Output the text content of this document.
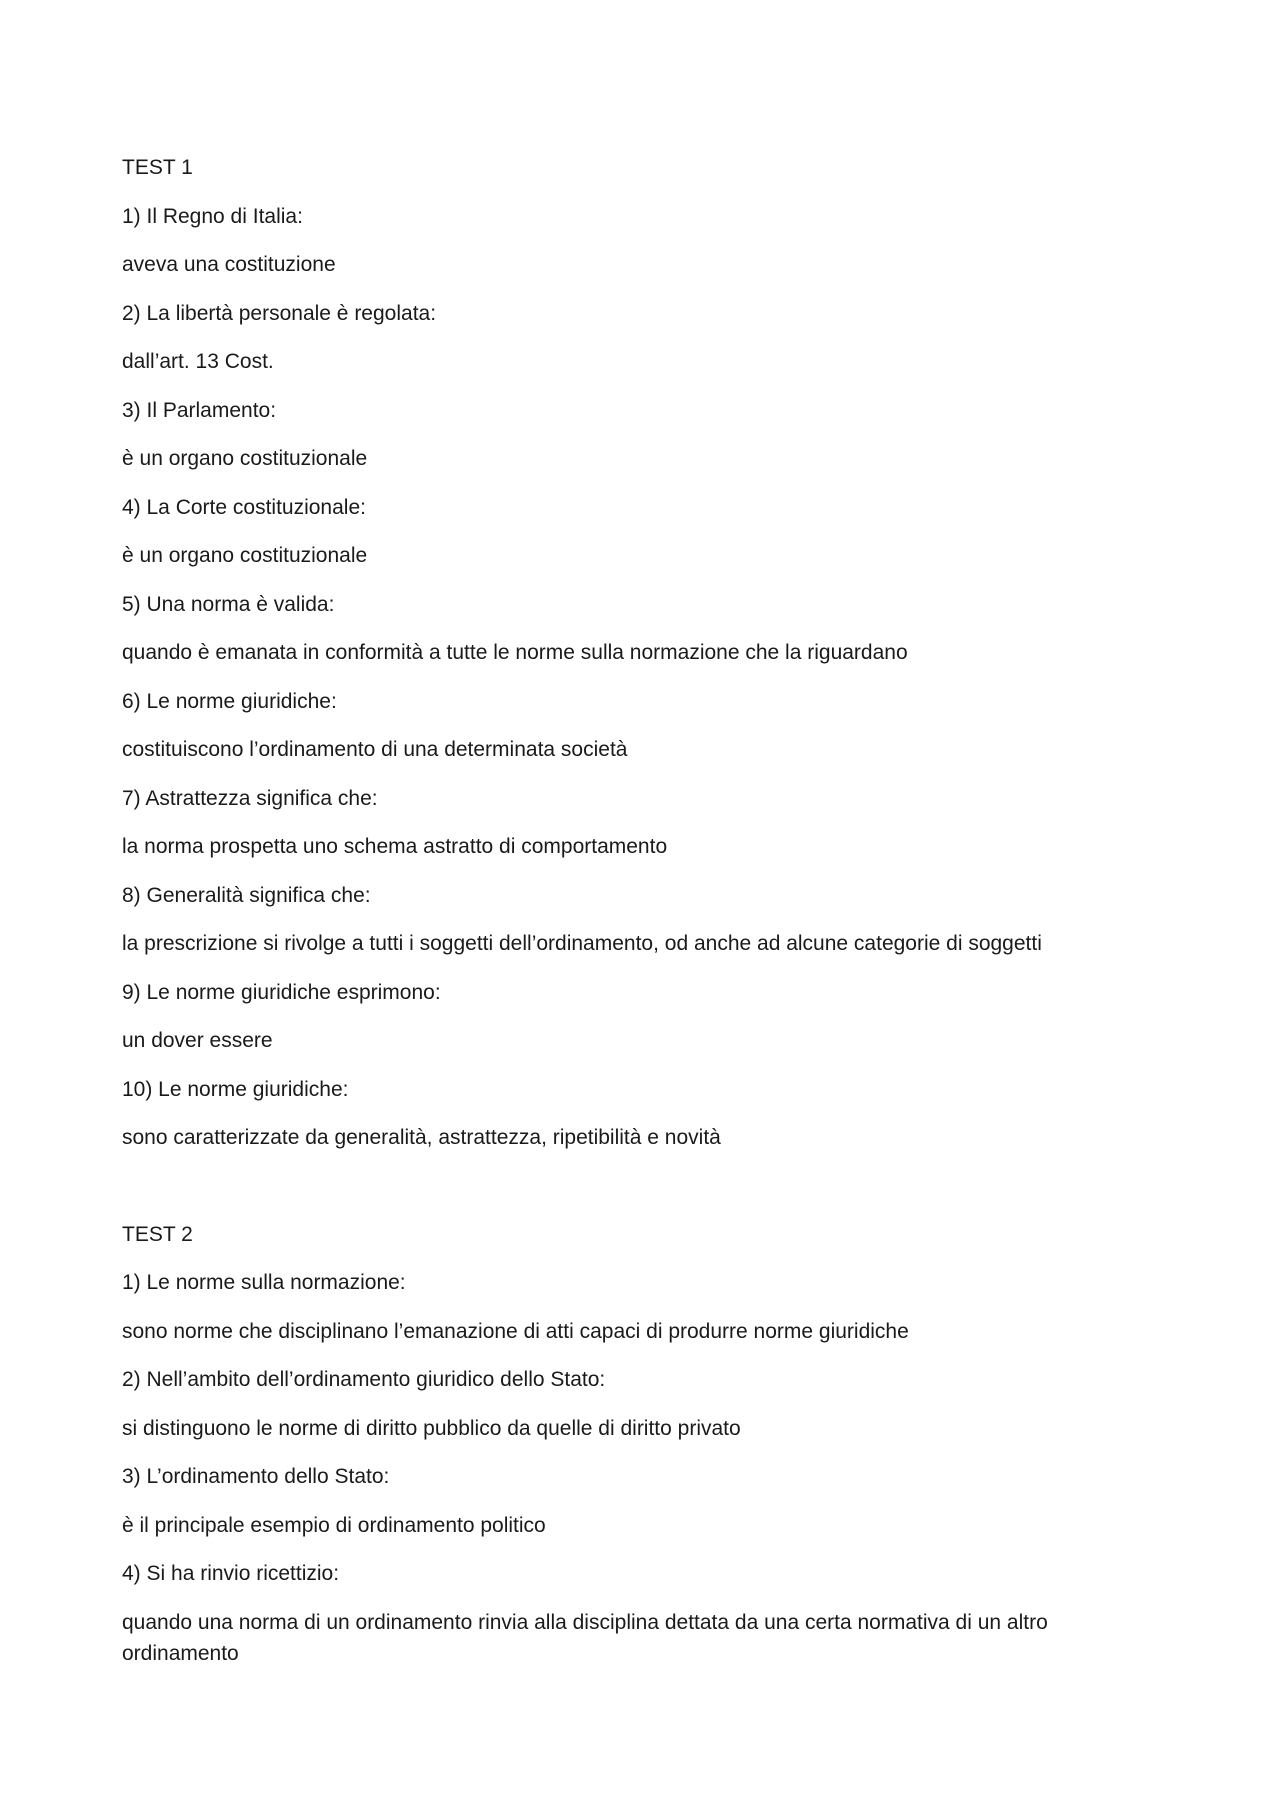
TEST 1
1) Il Regno di Italia:
aveva una costituzione
2) La libertà personale è regolata:
dall’art. 13 Cost.
3) Il Parlamento:
è un organo costituzionale
4) La Corte costituzionale:
è un organo costituzionale
5) Una norma è valida:
quando è emanata in conformità a tutte le norme sulla normazione che la riguardano
6) Le norme giuridiche:
costituiscono l’ordinamento di una determinata società
7) Astrattezza significa che:
la norma prospetta uno schema astratto di comportamento
8) Generalità significa che:
la prescrizione si rivolge a tutti i soggetti dell’ordinamento, od anche ad alcune categorie di soggetti
9) Le norme giuridiche esprimono:
un dover essere
10) Le norme giuridiche:
sono caratterizzate da generalità, astrattezza, ripetibilità e novità
TEST 2
1) Le norme sulla normazione:
sono norme che disciplinano l’emanazione di atti capaci di produrre norme giuridiche
2) Nell’ambito dell’ordinamento giuridico dello Stato:
si distinguono le norme di diritto pubblico da quelle di diritto privato
3) L’ordinamento dello Stato:
è il principale esempio di ordinamento politico
4) Si ha rinvio ricettizio:
quando una norma di un ordinamento rinvia alla disciplina dettata da una certa normativa di un altro ordinamento
